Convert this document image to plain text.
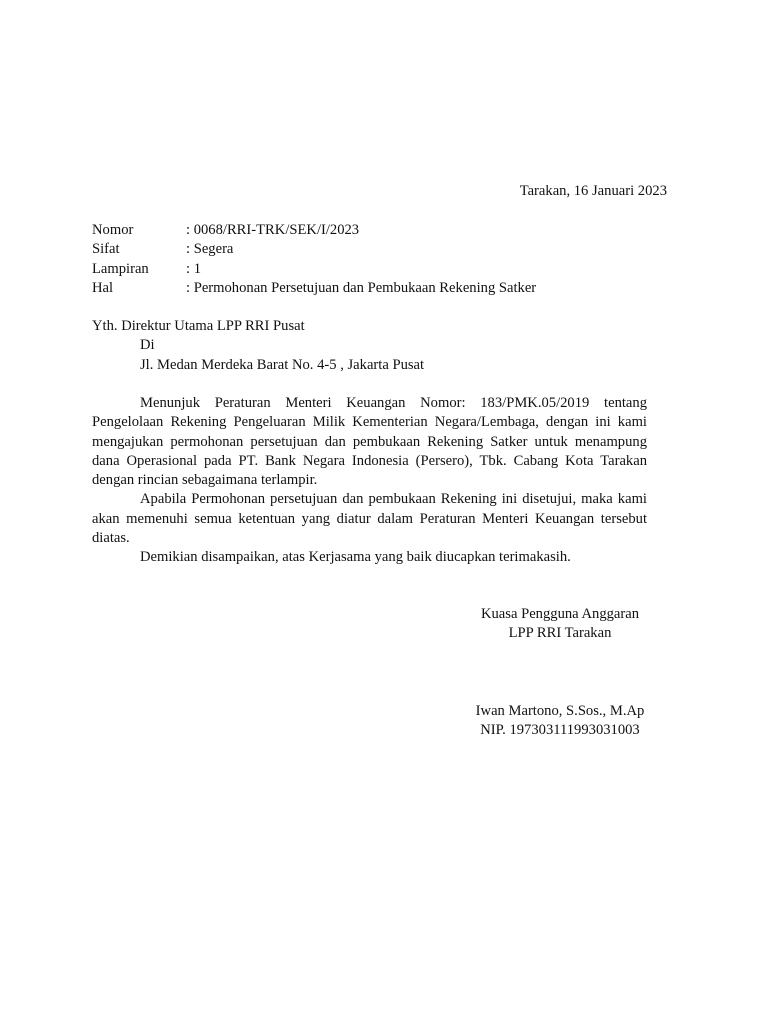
Tarakan, 16 Januari 2023
Nomor	: 0068/RRI-TRK/SEK/I/2023
Sifat	: Segera
Lampiran	: 1
Hal	: Permohonan Persetujuan dan Pembukaan Rekening Satker
Yth. Direktur Utama LPP RRI Pusat
Di
Jl. Medan Merdeka Barat No. 4-5 , Jakarta Pusat

Menunjuk Peraturan Menteri Keuangan Nomor: 183/PMK.05/2019 tentang Pengelolaan Rekening Pengeluaran Milik Kementerian Negara/Lembaga, dengan ini kami mengajukan permohonan persetujuan dan pembukaan Rekening Satker untuk menampung dana Operasional pada PT. Bank Negara Indonesia (Persero), Tbk. Cabang Kota Tarakan dengan rincian sebagaimana terlampir.

Apabila Permohonan persetujuan dan pembukaan Rekening ini disetujui, maka kami akan memenuhi semua ketentuan yang diatur dalam Peraturan Menteri Keuangan tersebut diatas.

Demikian disampaikan, atas Kerjasama yang baik diucapkan terimakasih.

Kuasa Pengguna Anggaran
LPP RRI Tarakan
Iwan Martono, S.Sos., M.Ap
NIP. 197303111993031003
